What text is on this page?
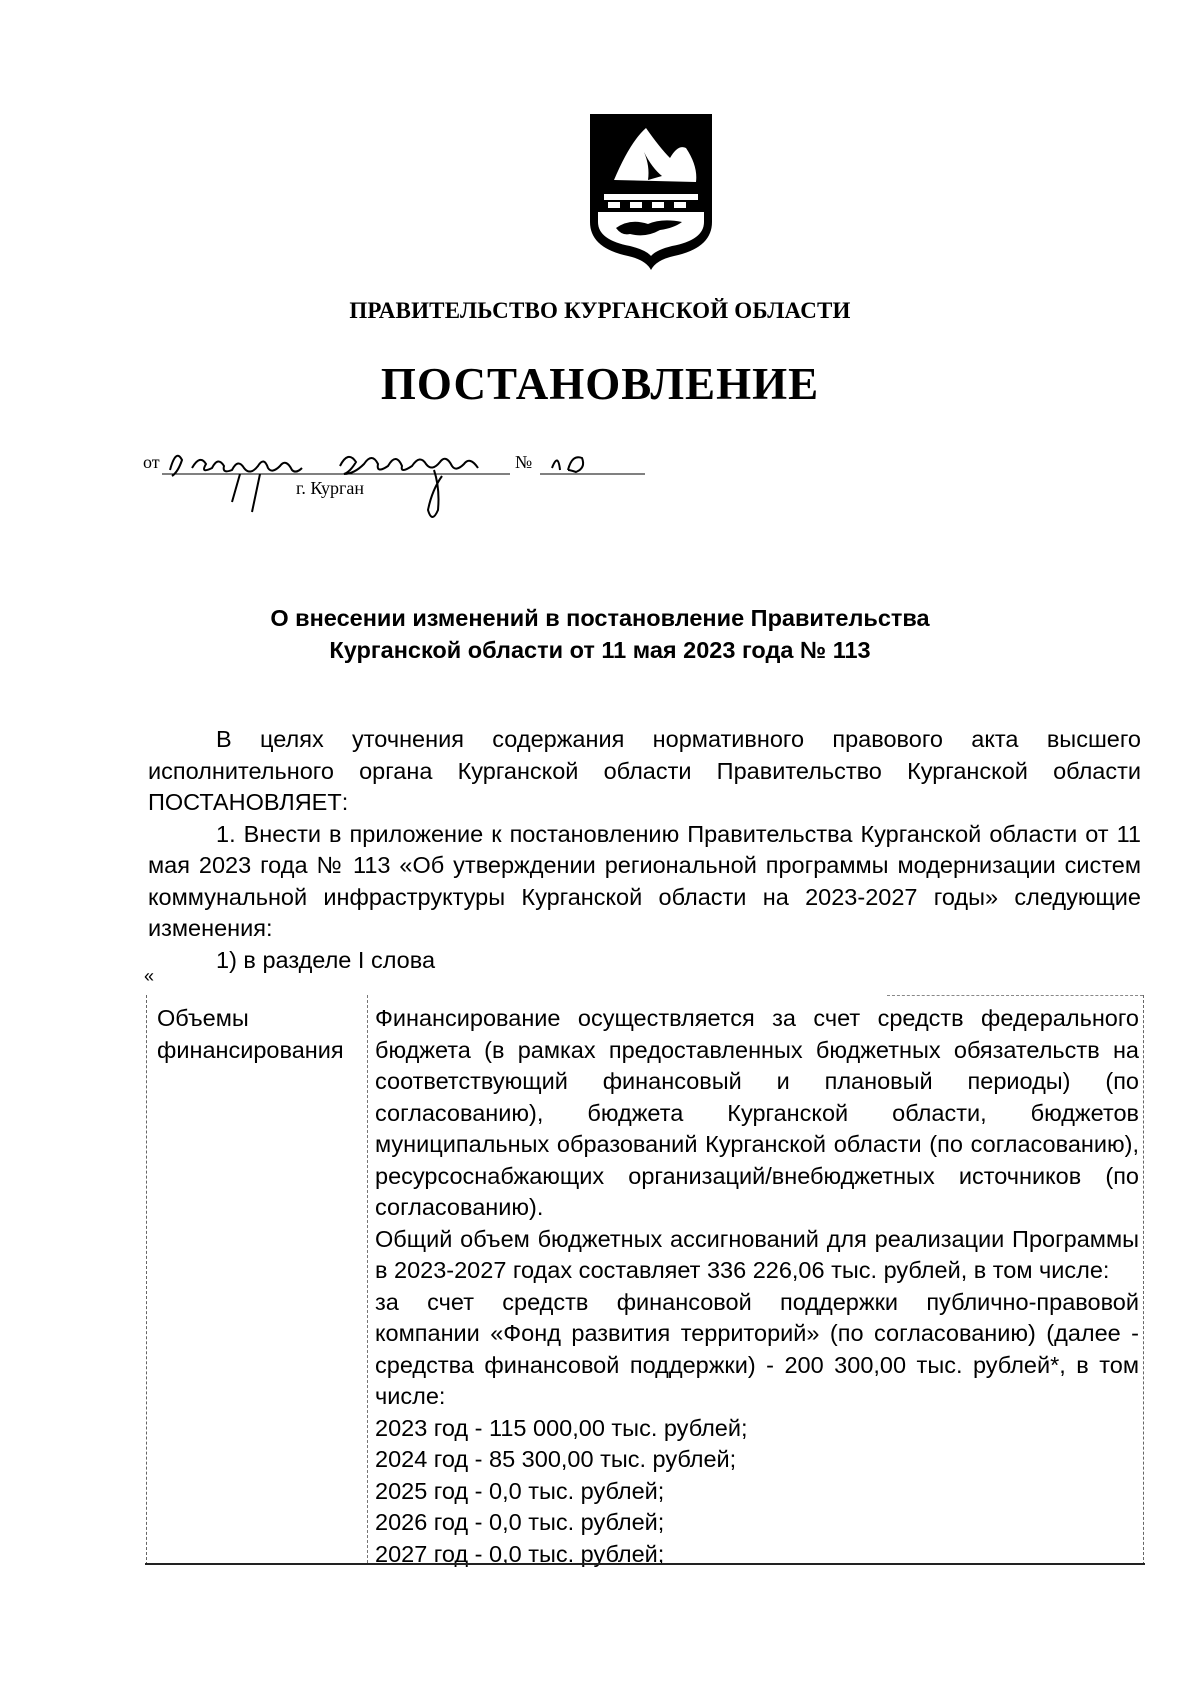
ПРАВИТЕЛЬСТВО КУРГАНСКОЙ ОБЛАСТИ
ПОСТАНОВЛЕНИЕ
от	№
г. Курган
О внесении изменений в постановление Правительства
Курганской области от 11 мая 2023 года № 113

В целях уточнения содержания нормативного правового акта высшего исполнительного органа Курганской области Правительство Курганской области ПОСТАНОВЛЯЕТ:

1. Внести в приложение к постановлению Правительства Курганской области от 11 мая 2023 года № 113 «Об утверждении региональной программы модернизации систем коммунальной инфраструктуры Курганской области на 2023-2027 годы» следующие изменения:

1) в разделе I слова

«
Объемы финансирования

Финансирование осуществляется за счет средств федерального бюджета (в рамках предоставленных бюджетных обязательств на соответствующий финансовый и плановый периоды) (по согласованию), бюджета Курганской области, бюджетов муниципальных образований Курганской области (по согласованию), ресурсоснабжающих организаций/внебюджетных источников (по согласованию).

Общий объем бюджетных ассигнований для реализации Программы в 2023-2027 годах составляет 336 226,06 тыс. рублей, в том числе:

за счет средств финансовой поддержки публично-правовой компании «Фонд развития территорий» (по согласованию) (далее - средства финансовой поддержки) - 200 300,00 тыс. рублей*, в том числе:

2023 год - 115 000,00 тыс. рублей;

2024 год - 85 300,00 тыс. рублей;

2025 год - 0,0 тыс. рублей;

2026 год - 0,0 тыс. рублей;

2027 год - 0,0 тыс. рублей;
